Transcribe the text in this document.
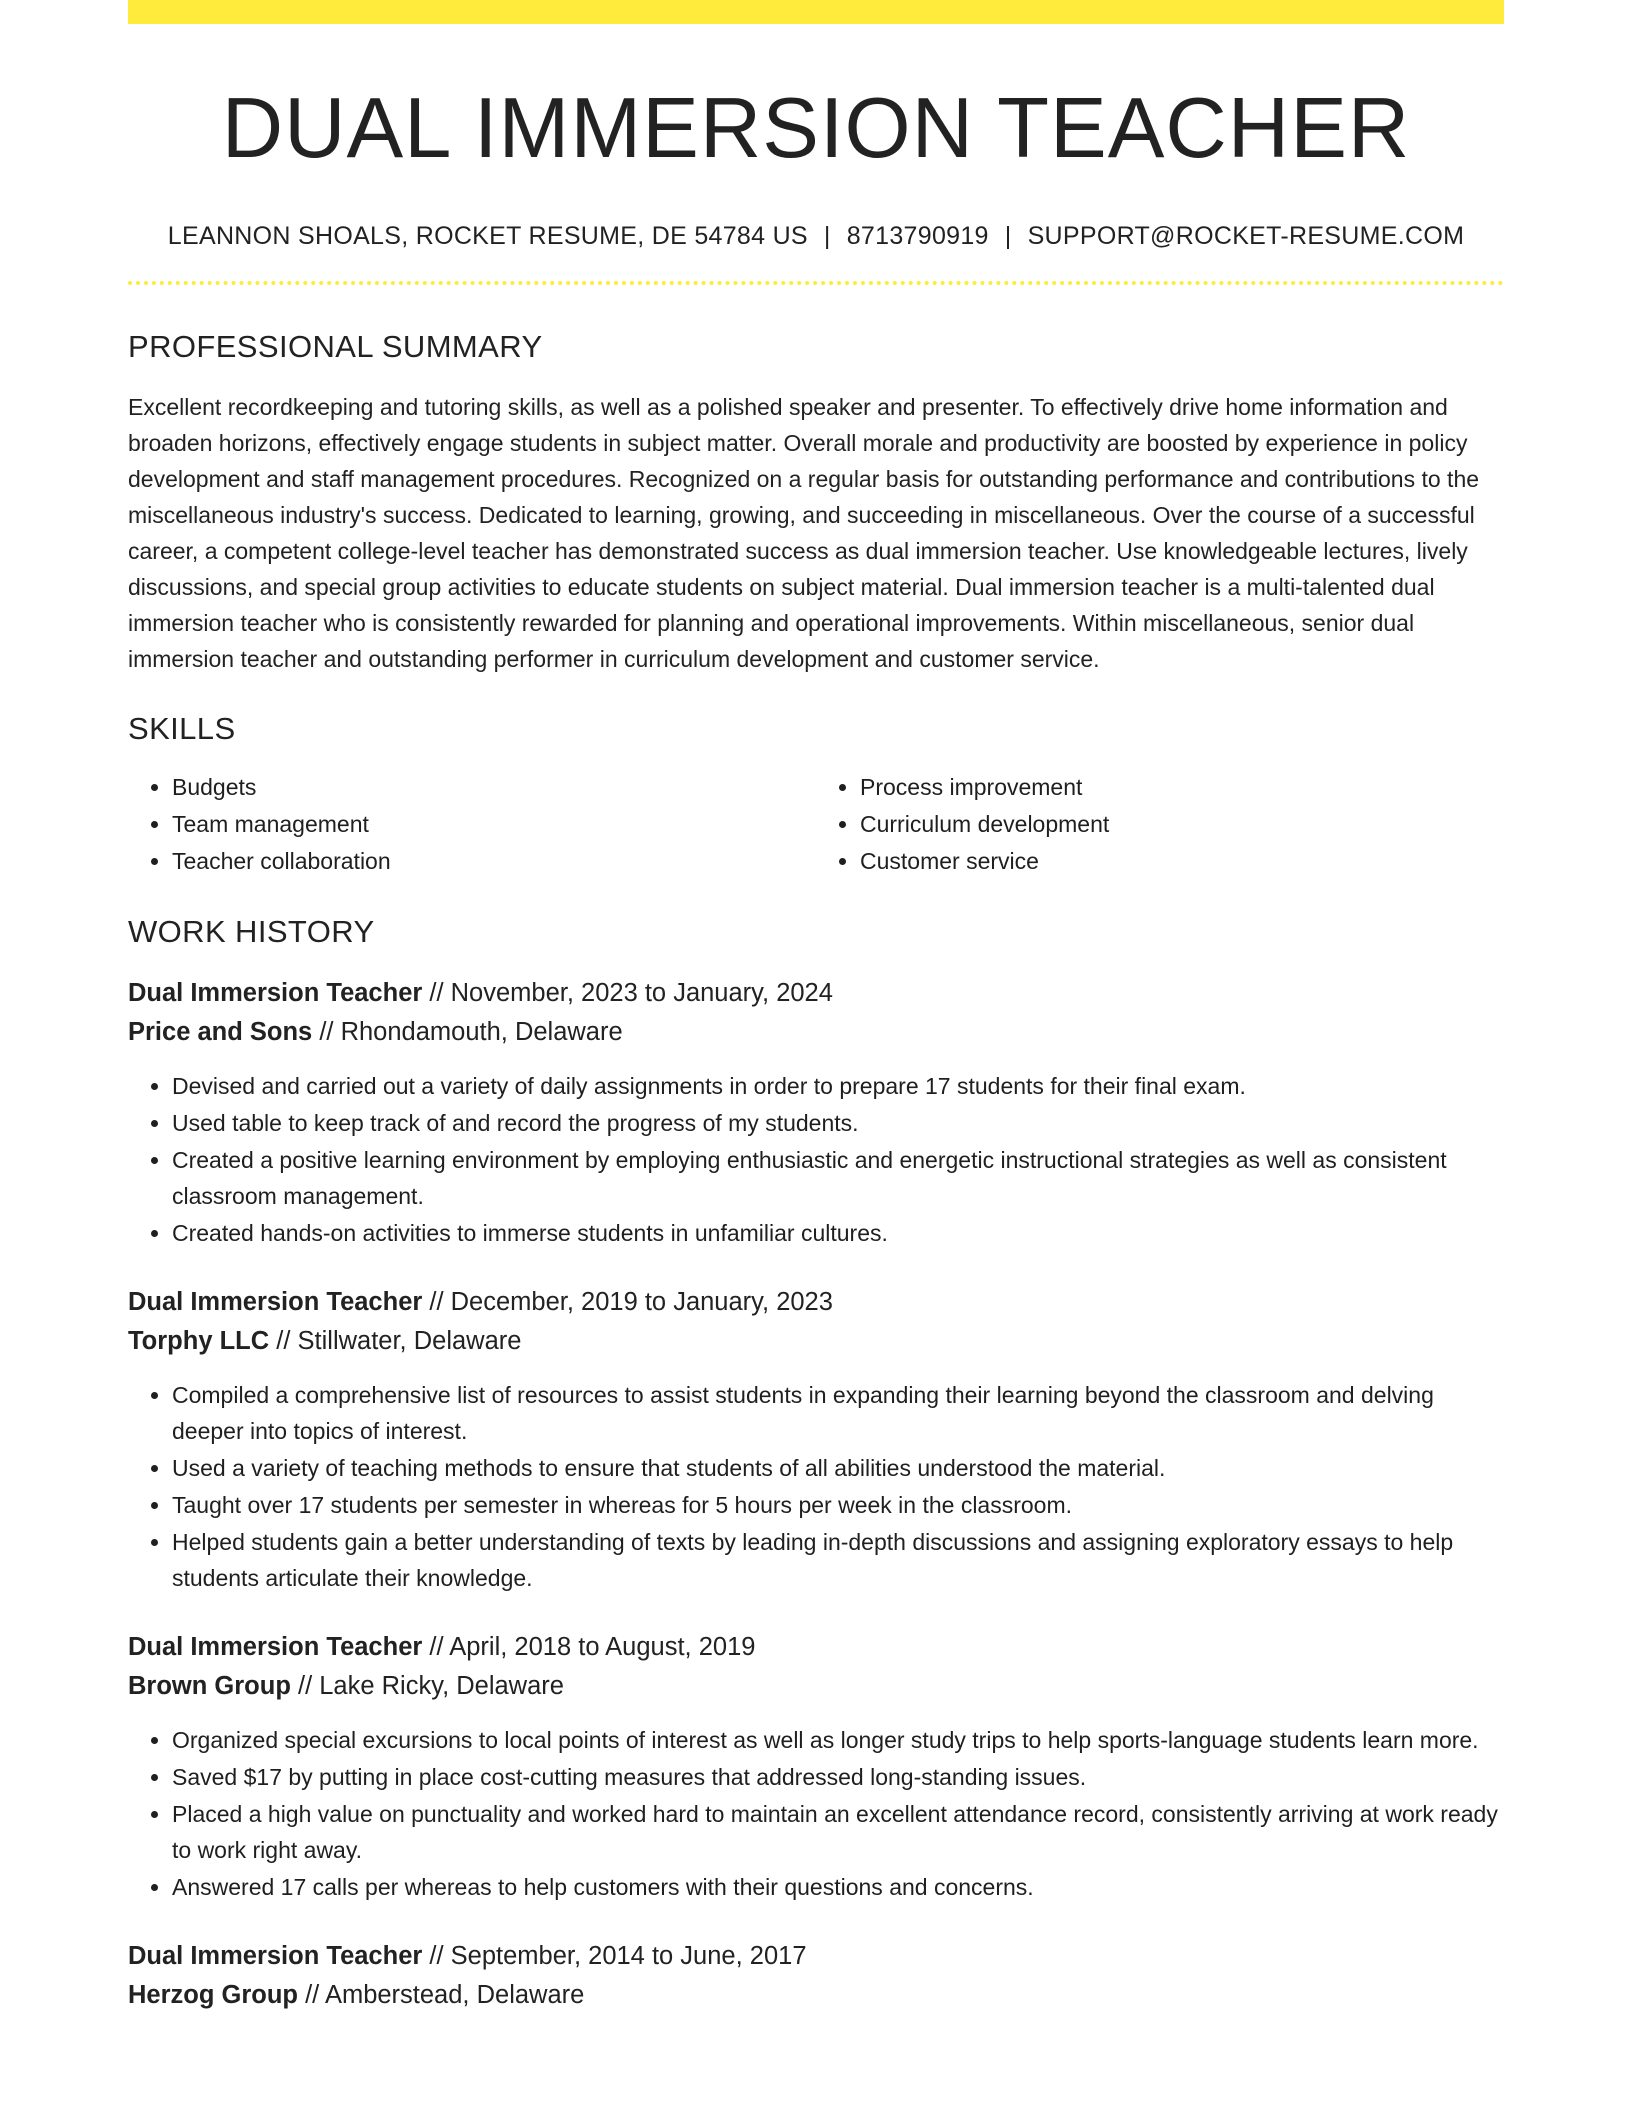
DUAL IMMERSION TEACHER
LEANNON SHOALS, ROCKET RESUME, DE 54784 US | 8713790919 | SUPPORT@ROCKET-RESUME.COM
PROFESSIONAL SUMMARY

Excellent recordkeeping and tutoring skills, as well as a polished speaker and presenter. To effectively drive home information and broaden horizons, effectively engage students in subject matter. Overall morale and productivity are boosted by experience in policy development and staff management procedures. Recognized on a regular basis for outstanding performance and contributions to the miscellaneous industry's success. Dedicated to learning, growing, and succeeding in miscellaneous. Over the course of a successful career, a competent college-level teacher has demonstrated success as dual immersion teacher. Use knowledgeable lectures, lively discussions, and special group activities to educate students on subject material. Dual immersion teacher is a multi-talented dual immersion teacher who is consistently rewarded for planning and operational improvements. Within miscellaneous, senior dual immersion teacher and outstanding performer in curriculum development and customer service.

SKILLS
• Budgets
• Team management
• Teacher collaboration
• Process improvement
• Curriculum development
• Customer service
WORK HISTORY
Dual Immersion Teacher // November, 2023 to January, 2024
Price and Sons // Rhondamouth, Delaware
• Devised and carried out a variety of daily assignments in order to prepare 17 students for their final exam.
• Used table to keep track of and record the progress of my students.
• Created a positive learning environment by employing enthusiastic and energetic instructional strategies as well as consistent classroom management.
• Created hands-on activities to immerse students in unfamiliar cultures.
Dual Immersion Teacher // December, 2019 to January, 2023
Torphy LLC // Stillwater, Delaware
• Compiled a comprehensive list of resources to assist students in expanding their learning beyond the classroom and delving deeper into topics of interest.
• Used a variety of teaching methods to ensure that students of all abilities understood the material.
• Taught over 17 students per semester in whereas for 5 hours per week in the classroom.
• Helped students gain a better understanding of texts by leading in-depth discussions and assigning exploratory essays to help students articulate their knowledge.
Dual Immersion Teacher // April, 2018 to August, 2019
Brown Group // Lake Ricky, Delaware
• Organized special excursions to local points of interest as well as longer study trips to help sports-language students learn more.
• Saved $17 by putting in place cost-cutting measures that addressed long-standing issues.
• Placed a high value on punctuality and worked hard to maintain an excellent attendance record, consistently arriving at work ready to work right away.
• Answered 17 calls per whereas to help customers with their questions and concerns.
Dual Immersion Teacher // September, 2014 to June, 2017
Herzog Group // Amberstead, Delaware
